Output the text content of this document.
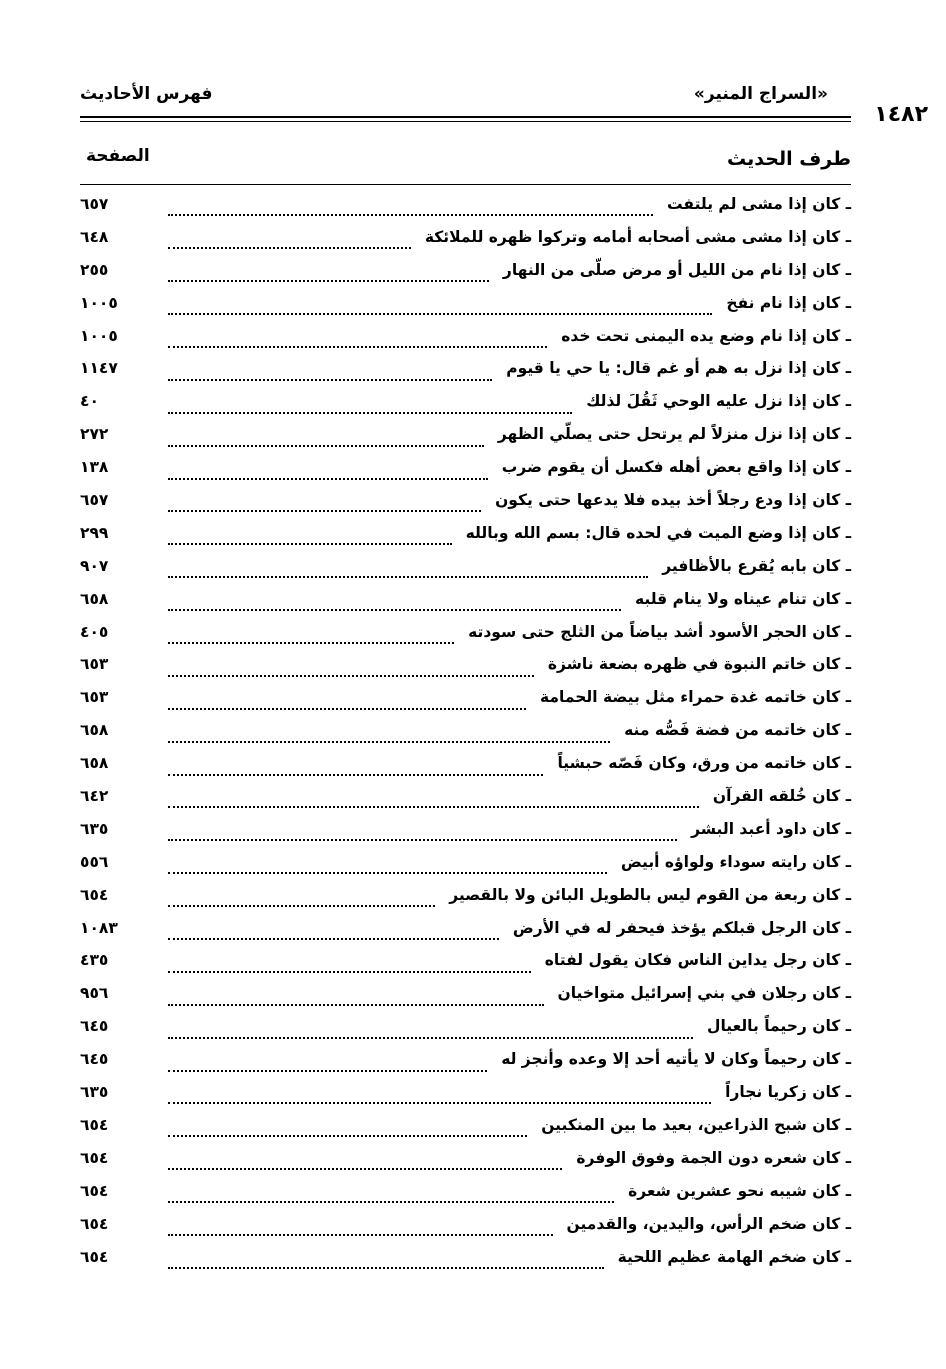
«السراج المنير»
فهرس الأحاديث
١٤٨٢
طرف الحديث
الصفحة
ـ كان إذا مشى لم يلتفت
٦٥٧
ـ كان إذا مشى مشى أصحابه أمامه وتركوا ظهره للملائكة
٦٤٨
ـ كان إذا نام من الليل أو مرض صلّى من النهار
٢٥٥
ـ كان إذا نام نفخ
١٠٠٥
ـ كان إذا نام وضع يده اليمنى تحت خده
١٠٠٥
ـ كان إذا نزل به هم أو غم قال: يا حي يا قيوم
١١٤٧
ـ كان إذا نزل عليه الوحي ثَقُلَ لذلك
٤٠
ـ كان إذا نزل منزلاً لم يرتحل حتى يصلّي الظهر
٢٧٢
ـ كان إذا واقع بعض أهله فكسل أن يقوم ضرب
١٣٨
ـ كان إذا ودع رجلاً أخذ بيده فلا يدعها حتى يكون
٦٥٧
ـ كان إذا وضع الميت في لحده قال: بسم الله وبالله
٢٩٩
ـ كان بابه يُقرع بالأظافير
٩٠٧
ـ كان تنام عيناه ولا ينام قلبه
٦٥٨
ـ كان الحجر الأسود أشد بياضاً من الثلج حتى سودته
٤٠٥
ـ كان خاتم النبوة في ظهره بضعة ناشزة
٦٥٣
ـ كان خاتمه غدة حمراء مثل بيضة الحمامة
٦٥٣
ـ كان خاتمه من فضة فَصُّه منه
٦٥٨
ـ كان خاتمه من ورق، وكان فَصّه حبشياً
٦٥٨
ـ كان خُلقه القرآن
٦٤٢
ـ كان داود أعبد البشر
٦٣٥
ـ كان رايته سوداء ولواؤه أبيض
٥٥٦
ـ كان ربعة من القوم ليس بالطويل البائن ولا بالقصير
٦٥٤
ـ كان الرجل قبلكم يؤخذ فيحفر له في الأرض
١٠٨٣
ـ كان رجل يداين الناس فكان يقول لفتاه
٤٣٥
ـ كان رجلان في بني إسرائيل متواخيان
٩٥٦
ـ كان رحيماً بالعيال
٦٤٥
ـ كان رحيماً وكان لا يأتيه أحد إلا وعده وأنجز له
٦٤٥
ـ كان زكريا نجاراً
٦٣٥
ـ كان شبح الذراعين، بعيد ما بين المنكبين
٦٥٤
ـ كان شعره دون الجمة وفوق الوفرة
٦٥٤
ـ كان شيبه نحو عشرين شعرة
٦٥٤
ـ كان ضخم الرأس، واليدين، والقدمين
٦٥٤
ـ كان ضخم الهامة عظيم اللحية
٦٥٤
